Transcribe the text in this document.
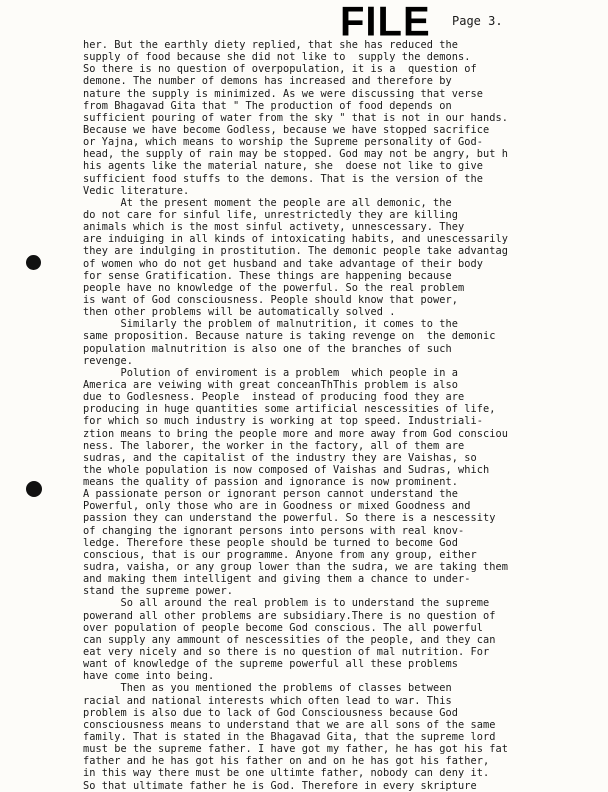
FILE Page 3.
her. But the earthly diety replied, that she has reduced the
supply of food because she did not like to  supply the demons.
So there is no question of overpopulation, it is a  question of
demone. The number of demons has increased and therefore by
nature the supply is minimized. As we were discussing that verse
from Bhagavad Gita that " The production of food depends on
sufficient pouring of water from the sky " that is not in our hands.
Because we have become Godless, because we have stopped sacrifice
or Yajna, which means to worship the Supreme personality of God-
head, the supply of rain may be stopped. God may not be angry, but h
his agents like the material nature, she  doese not like to give
sufficient food stuffs to the demons. That is the version of the
Vedic literature.
At the present moment the people are all demonic, the
do not care for sinful life, unrestrictedly they are killing
animals which is the most sinful activety, unnescessary. They
are induiging in all kinds of intoxicating habits, and unescessarily
they are indulging in prostitution. The demonic people take advantag
of women who do not get husband and take advantage of their body
for sense Gratification. These things are happening because
people have no knowledge of the powerful. So the real problem
is want of God consciousness. People should know that power,
then other problems will be automatically solved .
Similarly the problem of malnutrition, it comes to the
same proposition. Because nature is taking revenge on  the demonic
population malnutrition is also one of the branches of such
revenge.
Polution of enviroment is a problem  which people in a
America are veiwing with great conceanThThis problem is also
due to Godlesness. People  instead of producing food they are
producing in huge quantities some artificial nescessities of life,
for which so much industry is working at top speed. Industriali-
ztion means to bring the people more and more away from God consciou
ness. The laborer, the worker in the factory, all of them are
sudras, and the capitalist of the industry they are Vaishas, so
the whole population is now composed of Vaishas and Sudras, which
means the quality of passion and ignorance is now prominent.
A passionate person or ignorant person cannot understand the
Powerful, only those who are in Goodness or mixed Goodness and
passion they can understand the powerful. So there is a nescessity
of changing the ignorant persons into persons with real knov-
ledge. Therefore these people should be turned to become God
conscious, that is our programme. Anyone from any group, either
sudra, vaisha, or any group lower than the sudra, we are taking them
and making them intelligent and giving them a chance to under-
stand the supreme power.
So all around the real problem is to understand the supreme
powerand all other problems are subsidiary.There is no question of
over population of people become God conscious. The all powerful
can supply any ammount of nescessities of the people, and they can
eat very nicely and so there is no question of mal nutrition. For
want of knowledge of the supreme powerful all these problems
have come into being.
Then as you mentioned the problems of classes between
racial and national interests which often lead to war. This
problem is also due to lack of God Consciousness because God
consciousness means to understand that we are all sons of the same
family. That is stated in the Bhagavad Gita, that the supreme lord
must be the supreme father. I have got my father, he has got his fat
father and he has got his father on and on he has got his father,
in this way there must be one ultimte father, nobody can deny it.
So that ultimate father he is God. Therefore in every skripture
